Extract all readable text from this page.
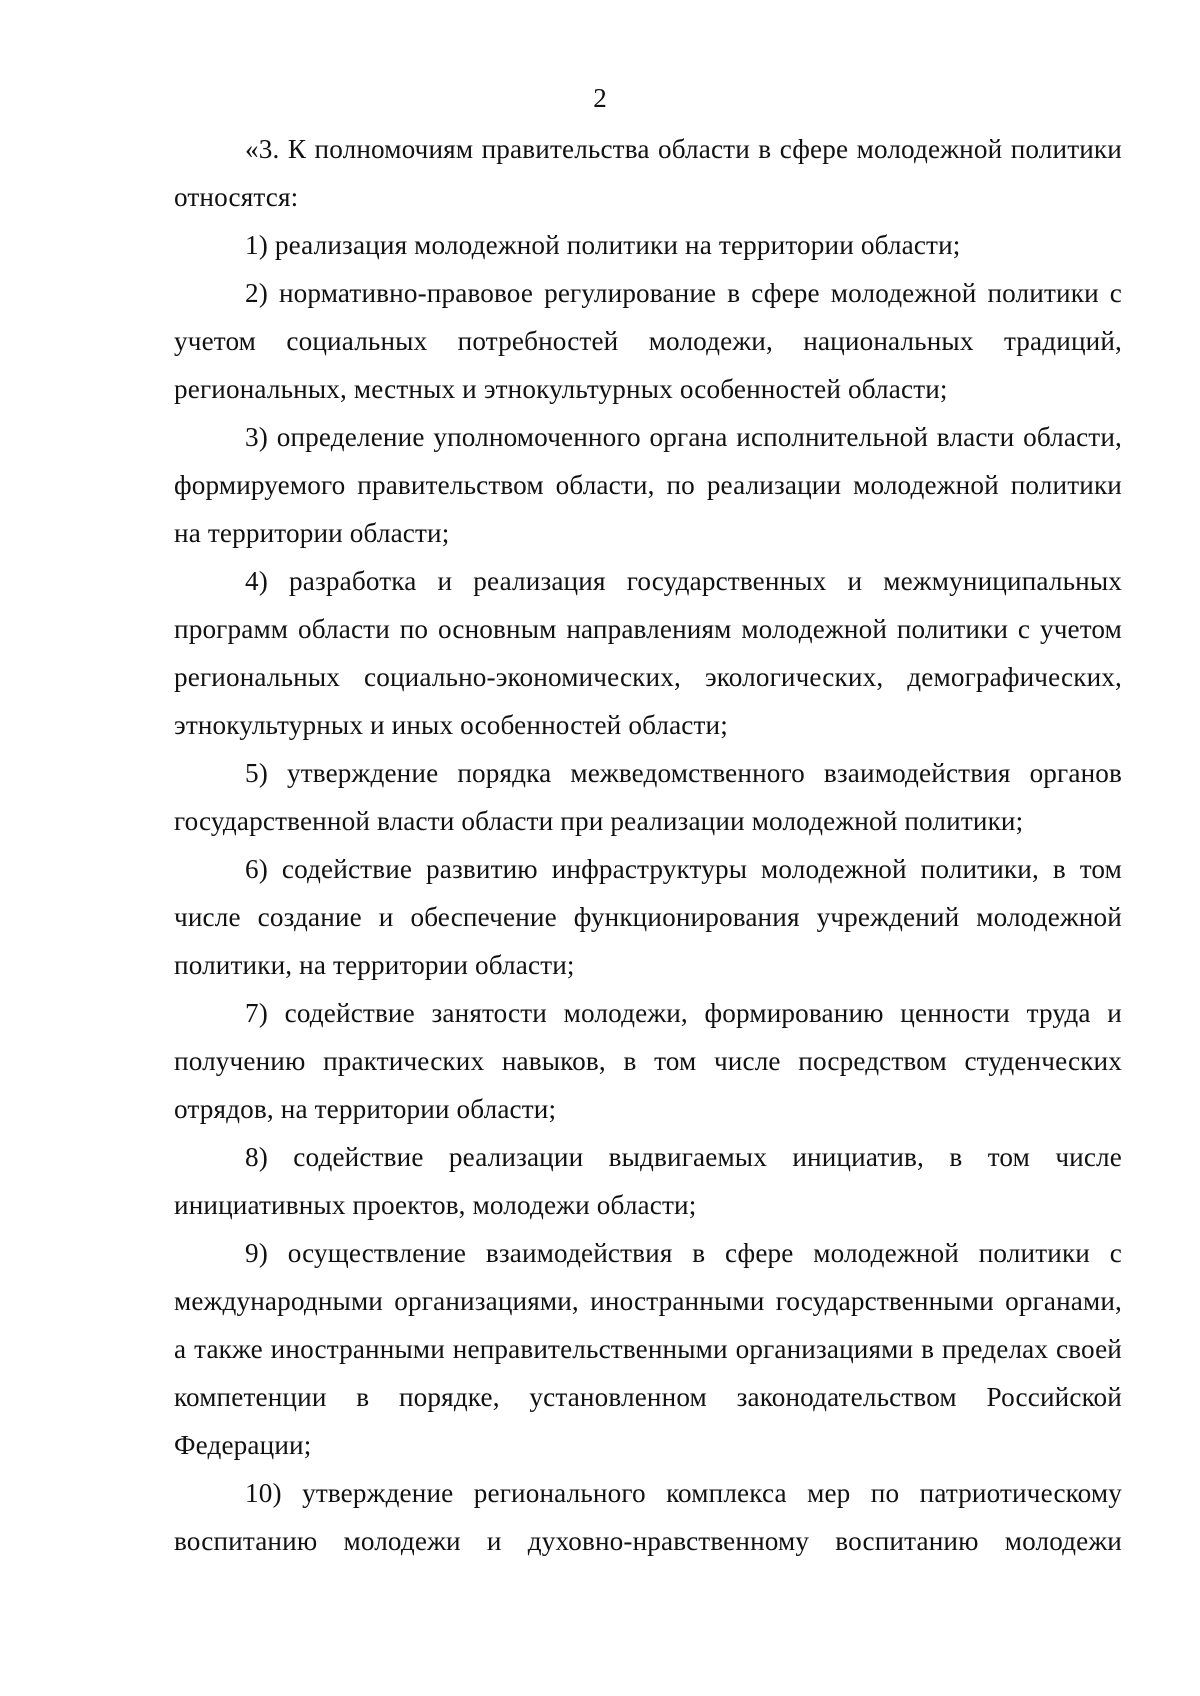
2

«3. К полномочиям правительства области в сфере молодежной политики относятся:

1) реализация молодежной политики на территории области;

2) нормативно-правовое регулирование в сфере молодежной политики с учетом социальных потребностей молодежи, национальных традиций, региональных, местных и этнокультурных особенностей области;

3) определение уполномоченного органа исполнительной власти области, формируемого правительством области, по реализации молодежной политики на территории области;

4) разработка и реализация государственных и межмуниципальных программ области по основным направлениям молодежной политики с учетом региональных социально-экономических, экологических, демографических, этнокультурных и иных особенностей области;

5) утверждение порядка межведомственного взаимодействия органов государственной власти области при реализации молодежной политики;

6) содействие развитию инфраструктуры молодежной политики, в том числе создание и обеспечение функционирования учреждений молодежной политики, на территории области;

7) содействие занятости молодежи, формированию ценности труда и получению практических навыков, в том числе посредством студенческих отрядов, на территории области;

8) содействие реализации выдвигаемых инициатив, в том числе инициативных проектов, молодежи области;

9) осуществление взаимодействия в сфере молодежной политики с международными организациями, иностранными государственными органами, а также иностранными неправительственными организациями в пределах своей компетенции в порядке, установленном законодательством Российской Федерации;

10) утверждение регионального комплекса мер по патриотическому воспитанию молодежи и духовно-нравственному воспитанию молодежи
